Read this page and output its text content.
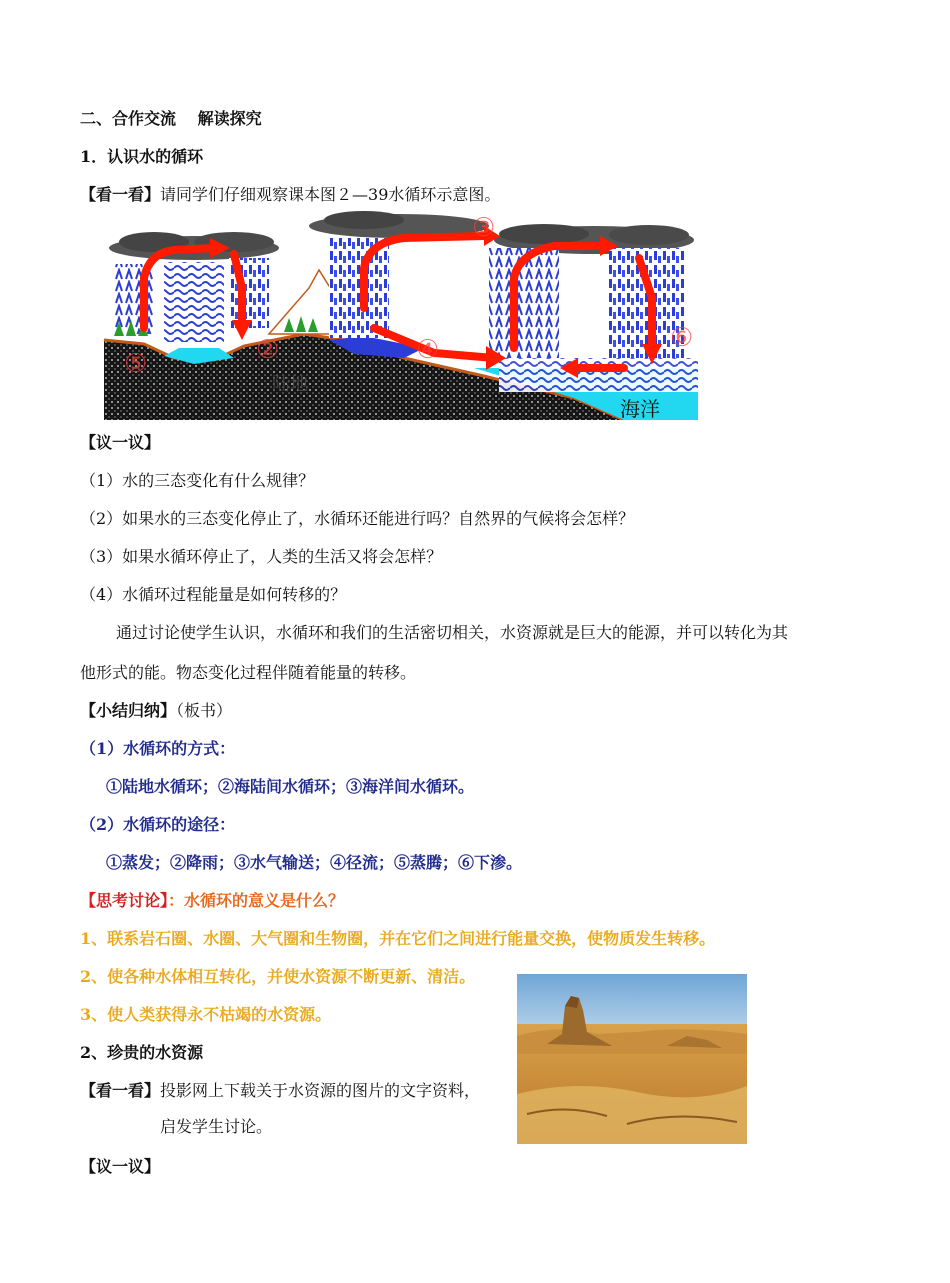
二、合作交流　 解读探究
1．认识水的循环
【看一看】请同学们仔细观察课本图２—39水循环示意图。
⑤	②
③
④	⑥
陆地
海洋
【议一议】
（1）水的三态变化有什么规律？
（2）如果水的三态变化停止了，水循环还能进行吗？自然界的气候将会怎样？
（3）如果水循环停止了，人类的生活又将会怎样？
（4）水循环过程能量是如何转移的？
通过讨论使学生认识，水循环和我们的生活密切相关，水资源就是巨大的能源，并可以转化为其
他形式的能。物态变化过程伴随着能量的转移。
【小结归纳】（板书）
（1）水循环的方式：
①陆地水循环；②海陆间水循环；③海洋间水循环。
（2）水循环的途径：
①蒸发；②降雨；③水气输送；④径流；⑤蒸腾；⑥下渗。
【思考讨论】：水循环的意义是什么？
1、联系岩石圈、水圈、大气圈和生物圈，并在它们之间进行能量交换，使物质发生转移。
2、使各种水体相互转化，并使水资源不断更新、清洁。
3、使人类获得永不枯竭的水资源。
2、珍贵的水资源
【看一看】投影网上下载关于水资源的图片的文字资料，
启发学生讨论。
【议一议】
